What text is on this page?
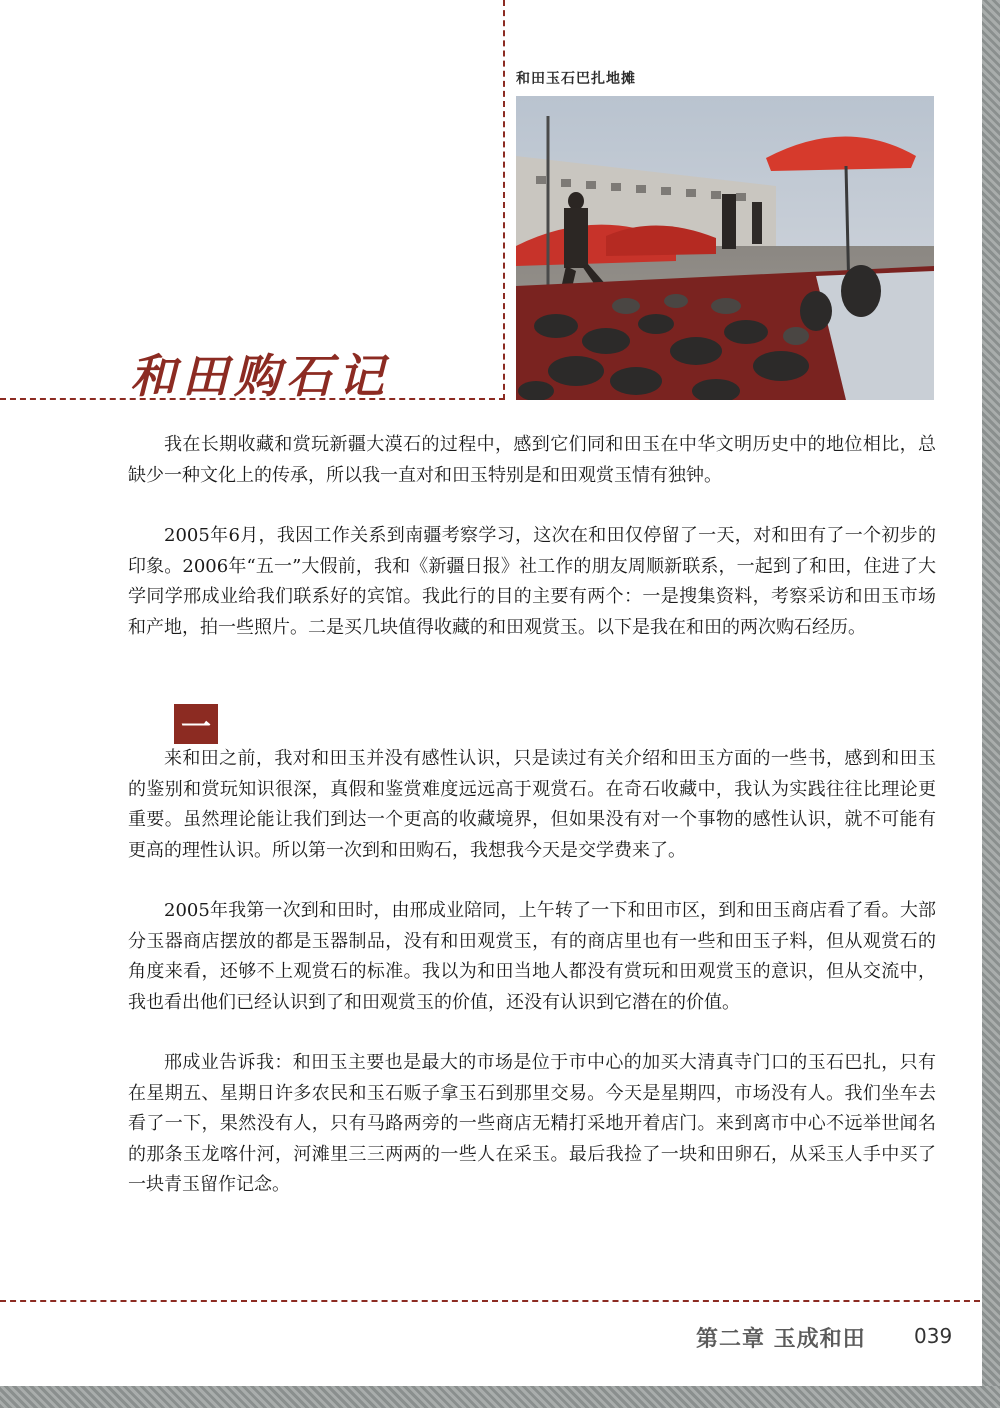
和田玉石巴扎地摊
和田购石记

我在长期收藏和赏玩新疆大漠石的过程中，感到它们同和田玉在中华文明历史中的地位相比，总缺少一种文化上的传承，所以我一直对和田玉特别是和田观赏玉情有独钟。

2005年6月，我因工作关系到南疆考察学习，这次在和田仅停留了一天，对和田有了一个初步的印象。2006年“五一”大假前，我和《新疆日报》社工作的朋友周顺新联系，一起到了和田，住进了大学同学邢成业给我们联系好的宾馆。我此行的目的主要有两个：一是搜集资料，考察采访和田玉市场和产地，拍一些照片。二是买几块值得收藏的和田观赏玉。以下是我在和田的两次购石经历。

一

来和田之前，我对和田玉并没有感性认识，只是读过有关介绍和田玉方面的一些书，感到和田玉的鉴别和赏玩知识很深，真假和鉴赏难度远远高于观赏石。在奇石收藏中，我认为实践往往比理论更重要。虽然理论能让我们到达一个更高的收藏境界，但如果没有对一个事物的感性认识，就不可能有更高的理性认识。所以第一次到和田购石，我想我今天是交学费来了。

2005年我第一次到和田时，由邢成业陪同，上午转了一下和田市区，到和田玉商店看了看。大部分玉器商店摆放的都是玉器制品，没有和田观赏玉，有的商店里也有一些和田玉子料，但从观赏石的角度来看，还够不上观赏石的标准。我以为和田当地人都没有赏玩和田观赏玉的意识，但从交流中，我也看出他们已经认识到了和田观赏玉的价值，还没有认识到它潜在的价值。

邢成业告诉我：和田玉主要也是最大的市场是位于市中心的加买大清真寺门口的玉石巴扎，只有在星期五、星期日许多农民和玉石贩子拿玉石到那里交易。今天是星期四，市场没有人。我们坐车去看了一下，果然没有人，只有马路两旁的一些商店无精打采地开着店门。来到离市中心不远举世闻名的那条玉龙喀什河，河滩里三三两两的一些人在采玉。最后我捡了一块和田卵石，从采玉人手中买了一块青玉留作记念。

第二章 玉成和田 039
